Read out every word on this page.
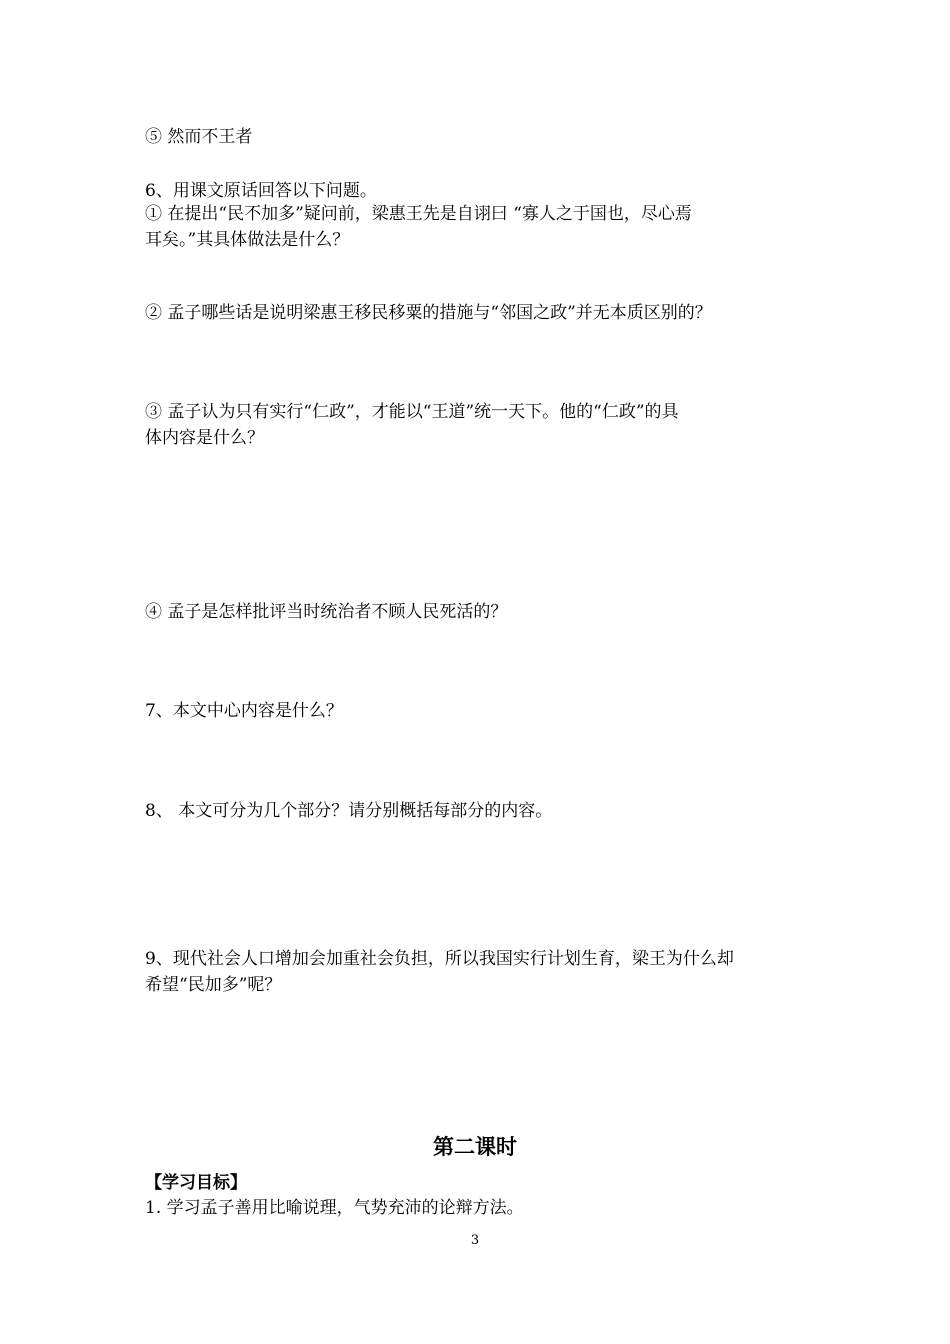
⑤ 然而不王者
6、用课文原话回答以下问题。
① 在提出“民不加多”疑问前，梁惠王先是自诩曰 “寡人之于国也，尽心焉
耳矣。”其具体做法是什么？
② 孟子哪些话是说明梁惠王移民移粟的措施与“邻国之政”并无本质区别的？
③ 孟子认为只有实行“仁政”，才能以“王道”统一天下。他的“仁政”的具
体内容是什么？
④ 孟子是怎样批评当时统治者不顾人民死活的？
7、本文中心内容是什么？
8、 本文可分为几个部分？请分别概括每部分的内容。
9、现代社会人口增加会加重社会负担，所以我国实行计划生育，梁王为什么却
希望“民加多”呢？
第二课时
【学习目标】
1. 学习孟子善用比喻说理，气势充沛的论辩方法。
3
